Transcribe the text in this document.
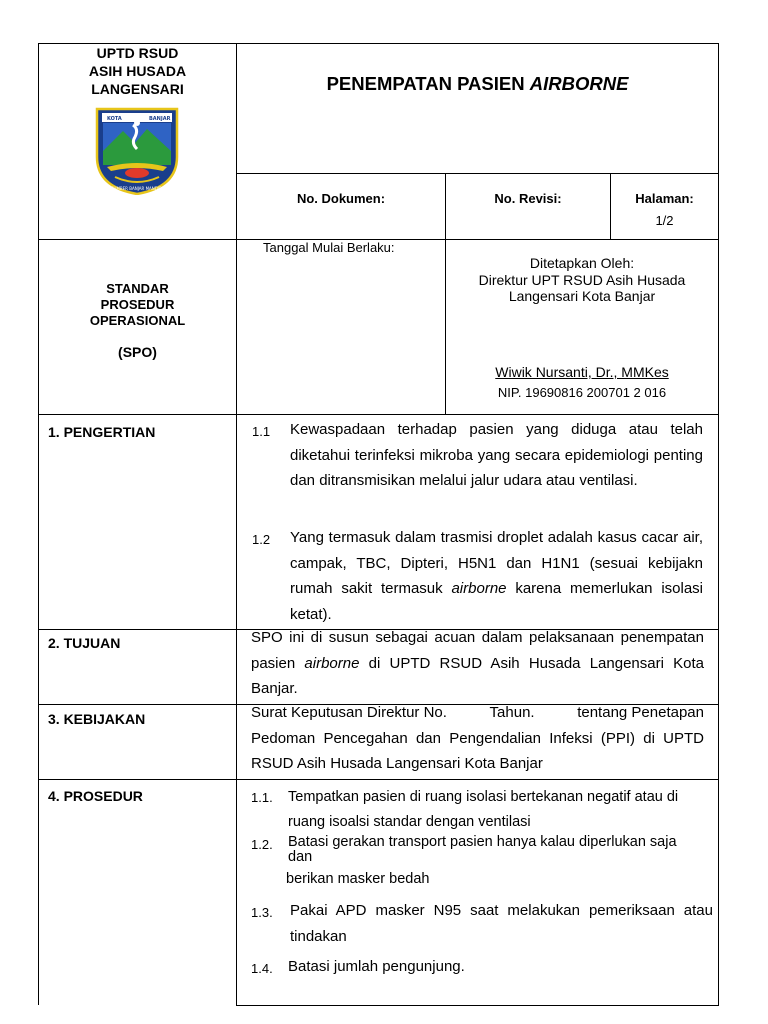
UPTD RSUD
ASIH HUSADA
LANGENSARI
KOTA	BANJAR
SUMBER BANJAR MANDIRI
PENEMPATAN PASIEN AIRBORNE
No. Dokumen:	No. Revisi:	Halaman:
1/2
STANDAR
PROSEDUR
OPERASIONAL
(SPO)
Tanggal Mulai Berlaku:
Ditetapkan Oleh:
Direktur UPT RSUD Asih Husada
Langensari Kota Banjar
Wiwik Nursanti, Dr., MMKes
NIP. 19690816 200701 2 016
1. PENGERTIAN	1.1 Kewaspadaan terhadap pasien yang diduga atau telah diketahui terinfeksi mikroba yang secara epidemiologi penting dan ditransmisikan melalui jalur udara atau ventilasi.
1.2 Yang termasuk dalam trasmisi droplet adalah kasus cacar air, campak, TBC, Dipteri, H5N1 dan H1N1 (sesuai kebijakn rumah sakit termasuk airborne karena memerlukan isolasi ketat).
2. TUJUAN	SPO ini di susun sebagai acuan dalam pelaksanaan penempatan pasien airborne di UPTD RSUD Asih Husada Langensari Kota Banjar.
3. KEBIJAKAN	Surat Keputusan Direktur No.	Tahun.	tentang Penetapan
Pedoman Pencegahan dan Pengendalian Infeksi (PPI) di UPTD RSUD Asih Husada Langensari Kota Banjar
4. PROSEDUR	1.1. Tempatkan pasien di ruang isolasi bertekanan negatif atau di ruang isoalsi standar dengan ventilasi
1.2. Batasi gerakan transport pasien hanya kalau diperlukan saja
dan
berikan masker bedah
1.3. Pakai APD masker N95 saat melakukan pemeriksaan atau tindakan
1.4. Batasi jumlah pengunjung.
